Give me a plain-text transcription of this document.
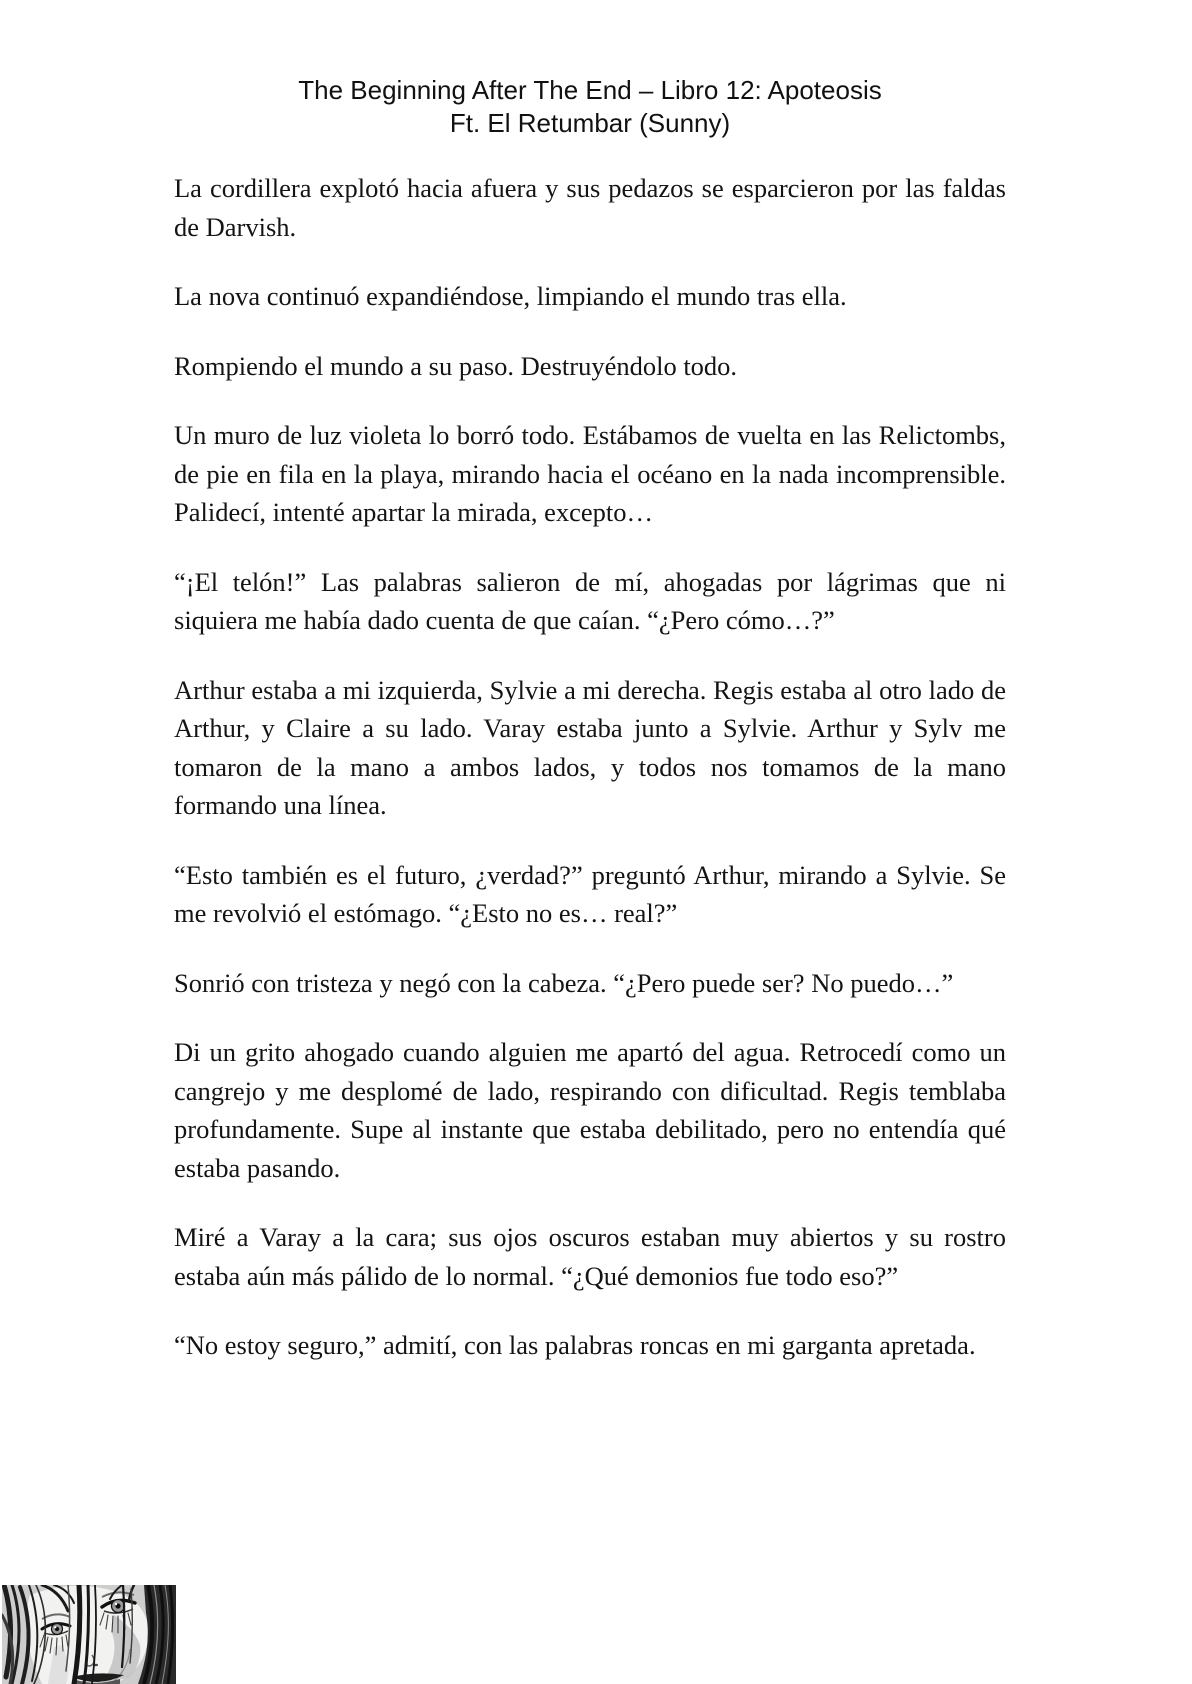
The Beginning After The End – Libro 12: Apoteosis
Ft. El Retumbar (Sunny)

La cordillera explotó hacia afuera y sus pedazos se esparcieron por las faldas de Darvish.

La nova continuó expandiéndose, limpiando el mundo tras ella.

Rompiendo el mundo a su paso. Destruyéndolo todo.

Un muro de luz violeta lo borró todo. Estábamos de vuelta en las Relictombs, de pie en fila en la playa, mirando hacia el océano en la nada incomprensible. Palidecí, intenté apartar la mirada, excepto…

“¡El telón!” Las palabras salieron de mí, ahogadas por lágrimas que ni siquiera me había dado cuenta de que caían. “¿Pero cómo…?”

Arthur estaba a mi izquierda, Sylvie a mi derecha. Regis estaba al otro lado de Arthur, y Claire a su lado. Varay estaba junto a Sylvie. Arthur y Sylv me tomaron de la mano a ambos lados, y todos nos tomamos de la mano formando una línea.

“Esto también es el futuro, ¿verdad?” preguntó Arthur, mirando a Sylvie. Se me revolvió el estómago. “¿Esto no es… real?”

Sonrió con tristeza y negó con la cabeza. “¿Pero puede ser? No puedo…”

Di un grito ahogado cuando alguien me apartó del agua. Retrocedí como un cangrejo y me desplomé de lado, respirando con dificultad. Regis temblaba profundamente. Supe al instante que estaba debilitado, pero no entendía qué estaba pasando.

Miré a Varay a la cara; sus ojos oscuros estaban muy abiertos y su rostro estaba aún más pálido de lo normal. “¿Qué demonios fue todo eso?”

“No estoy seguro,” admití, con las palabras roncas en mi garganta apretada.
